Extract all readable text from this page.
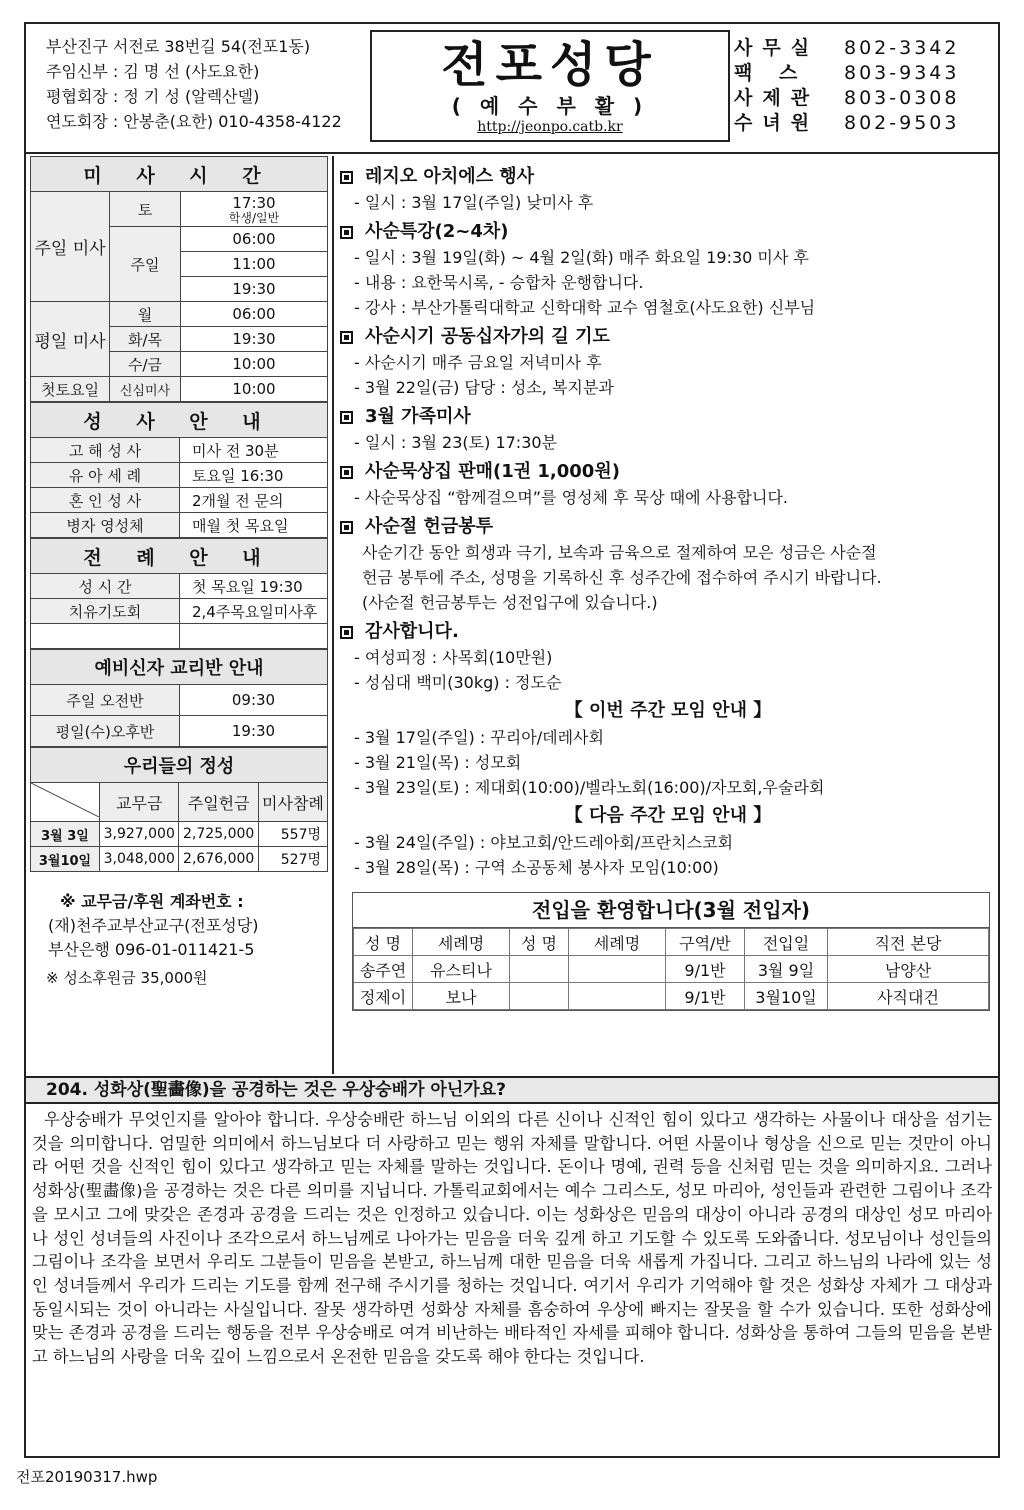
부산진구 서전로 38번길 54(전포1동)
주임신부 : 김 명 선 (사도요한)
평협회장 : 정 기 성 (알렉산델)
연도회장 : 안봉춘(요한) 010-4358-4122
전포성당
( 예 수 부 활 )
http://jeonpo.catb.kr
사무실	802-3342
팩 스	803-9343
사제관	803-0308
수녀원	802-9503
미 사 시 간		
주일 미사	토	17:30
학생/일반

	주일	06:00
		11:00
		19:30
평일 미사	월	06:00
	화/목	19:30
	수/금	10:00
첫토요일	신심미사	10:00
성 사 안 내	
고 해 성 사	미사 전 30분
유 아 세 례	토요일 16:30
혼 인 성 사	2개월 전 문의
병자 영성체	매월 첫 목요일
전 례 안 내	
성 시 간	첫 목요일 19:30
치유기도회	2,4주목요일미사후

예비신자 교리반 안내	
주일 오전반	09:30
평일(수)오후반	19:30
우리들의 정성			
	교무금	주일헌금	미사참례
3월 3일	3,927,000	2,725,000	557명
3월10일	3,048,000	2,676,000	527명
※ 교무금/후원 계좌번호 :
(재)천주교부산교구(전포성당)
부산은행 096-01-011421-5
※ 성소후원금 35,000원
레지오 아치에스 행사
- 일시 : 3월 17일(주일) 낮미사 후
사순특강(2~4차)
- 일시 : 3월 19일(화) ~ 4월 2일(화) 매주 화요일 19:30 미사 후
- 내용 : 요한묵시록, - 승합차 운행합니다.
- 강사 : 부산가톨릭대학교 신학대학 교수 염철호(사도요한) 신부님
사순시기 공동십자가의 길 기도
- 사순시기 매주 금요일 저녁미사 후
- 3월 22일(금) 담당 : 성소, 복지분과
3월 가족미사
- 일시 : 3월 23(토) 17:30분
사순묵상집 판매(1권 1,000원)
- 사순묵상집 “함께걸으며”를 영성체 후 묵상 때에 사용합니다.
사순절 헌금봉투
사순기간 동안 희생과 극기, 보속과 금육으로 절제하여 모은 성금은 사순절
헌금 봉투에 주소, 성명을 기록하신 후 성주간에 접수하여 주시기 바랍니다.
(사순절 헌금봉투는 성전입구에 있습니다.)
감사합니다.
- 여성피정 : 사목회(10만원)
- 성심대 백미(30kg) : 정도순
【 이번 주간 모임 안내 】
- 3월 17일(주일) : 꾸리아/데레사회
- 3월 21일(목) : 성모회
- 3월 23일(토) : 제대회(10:00)/벨라노회(16:00)/자모회,우술라회
【 다음 주간 모임 안내 】
- 3월 24일(주일) : 야보고회/안드레아회/프란치스코회
- 3월 28일(목) : 구역 소공동체 봉사자 모임(10:00)
전입을 환영합니다(3월 전입자)
성 명	세례명	성 명	세례명	구역/반	전입일	직전 본당
송주연	유스티나			9/1반	3월 9일	남양산
정제이	보나			9/1반	3월10일	사직대건
204. 성화상(聖畵像)을 공경하는 것은 우상숭배가 아닌가요?
우상숭배가 무엇인지를 알아야 합니다. 우상숭배란 하느님 이외의 다른 신이나 신적인 힘이 있다고 생각하는 사물이나 대상을 섬기는 것을 의미합니다. 엄밀한 의미에서 하느님보다 더 사랑하고 믿는 행위 자체를 말합니다. 어떤 사물이나 형상을 신으로 믿는 것만이 아니라 어떤 것을 신적인 힘이 있다고 생각하고 믿는 자체를 말하는 것입니다. 돈이나 명예, 권력 등을 신처럼 믿는 것을 의미하지요. 그러나 성화상(聖畵像)을 공경하는 것은 다른 의미를 지닙니다. 가톨릭교회에서는 예수 그리스도, 성모 마리아, 성인들과 관련한 그림이나 조각을 모시고 그에 맞갖은 존경과 공경을 드리는 것은 인정하고 있습니다. 이는 성화상은 믿음의 대상이 아니라 공경의 대상인 성모 마리아나 성인 성녀들의 사진이나 조각으로서 하느님께로 나아가는 믿음을 더욱 깊게 하고 기도할 수 있도록 도와줍니다. 성모님이나 성인들의 그림이나 조각을 보면서 우리도 그분들이 믿음을 본받고, 하느님께 대한 믿음을 더욱 새롭게 가집니다. 그리고 하느님의 나라에 있는 성인 성녀들께서 우리가 드리는 기도를 함께 전구해 주시기를 청하는 것입니다. 여기서 우리가 기억해야 할 것은 성화상 자체가 그 대상과 동일시되는 것이 아니라는 사실입니다. 잘못 생각하면 성화상 자체를 흠숭하여 우상에 빠지는 잘못을 할 수가 있습니다. 또한 성화상에 맞는 존경과 공경을 드리는 행동을 전부 우상숭배로 여겨 비난하는 배타적인 자세를 피해야 합니다. 성화상을 통하여 그들의 믿음을 본받고 하느님의 사랑을 더욱 깊이 느낌으로서 온전한 믿음을 갖도록 해야 한다는 것입니다.
전포20190317.hwp
